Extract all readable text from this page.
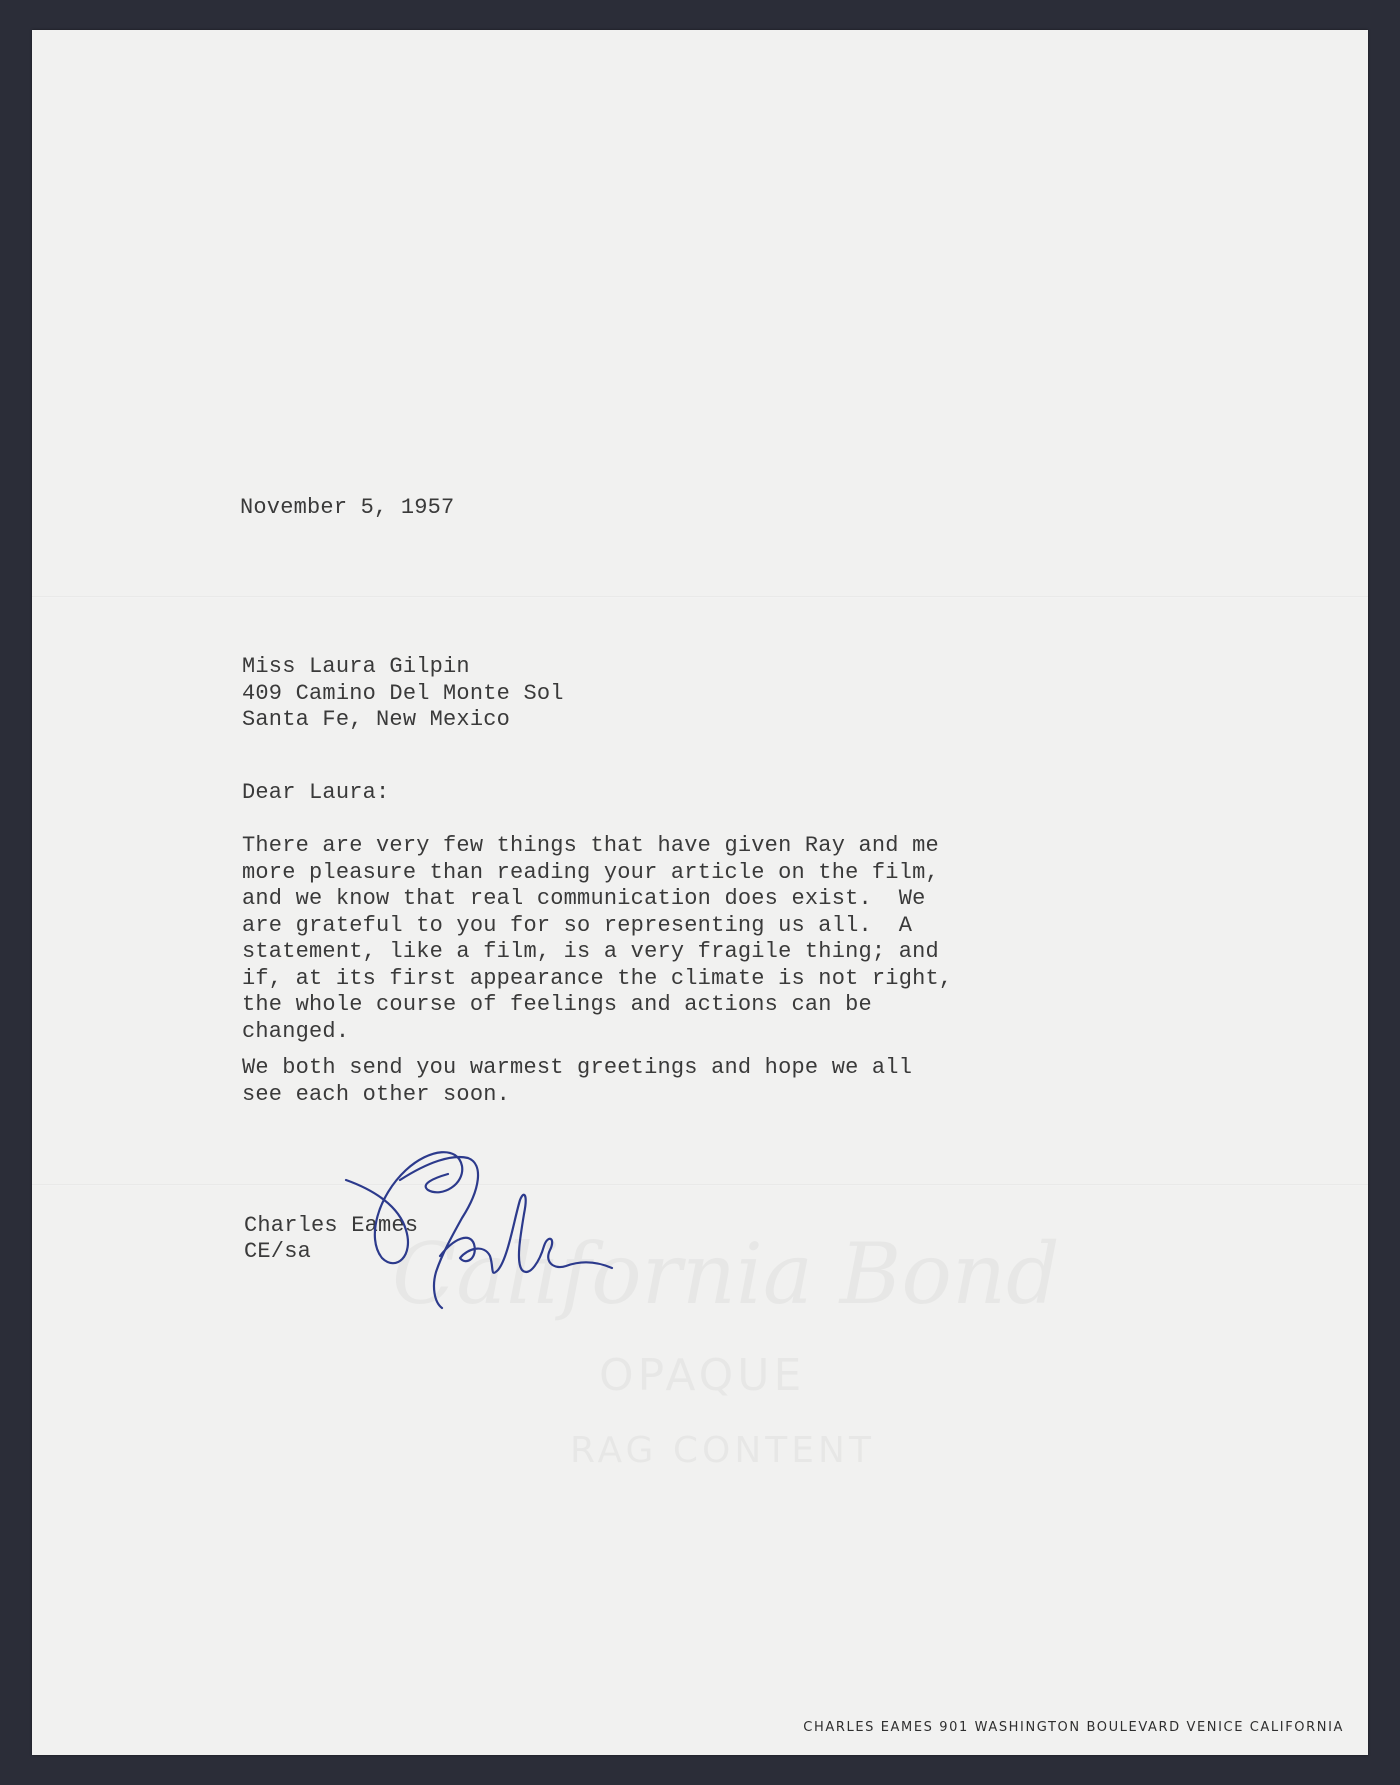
November 5, 1957
Miss Laura Gilpin
409 Camino Del Monte Sol
Santa Fe, New Mexico
Dear Laura:
There are very few things that have given Ray and me
more pleasure than reading your article on the film,
and we know that real communication does exist.  We
are grateful to you for so representing us all.  A
statement, like a film, is a very fragile thing; and
if, at its first appearance the climate is not right,
the whole course of feelings and actions can be
changed.
We both send you warmest greetings and hope we all
see each other soon.
Charles Eames
CE/sa
CHARLES EAMES 901 WASHINGTON BOULEVARD VENICE CALIFORNIA
